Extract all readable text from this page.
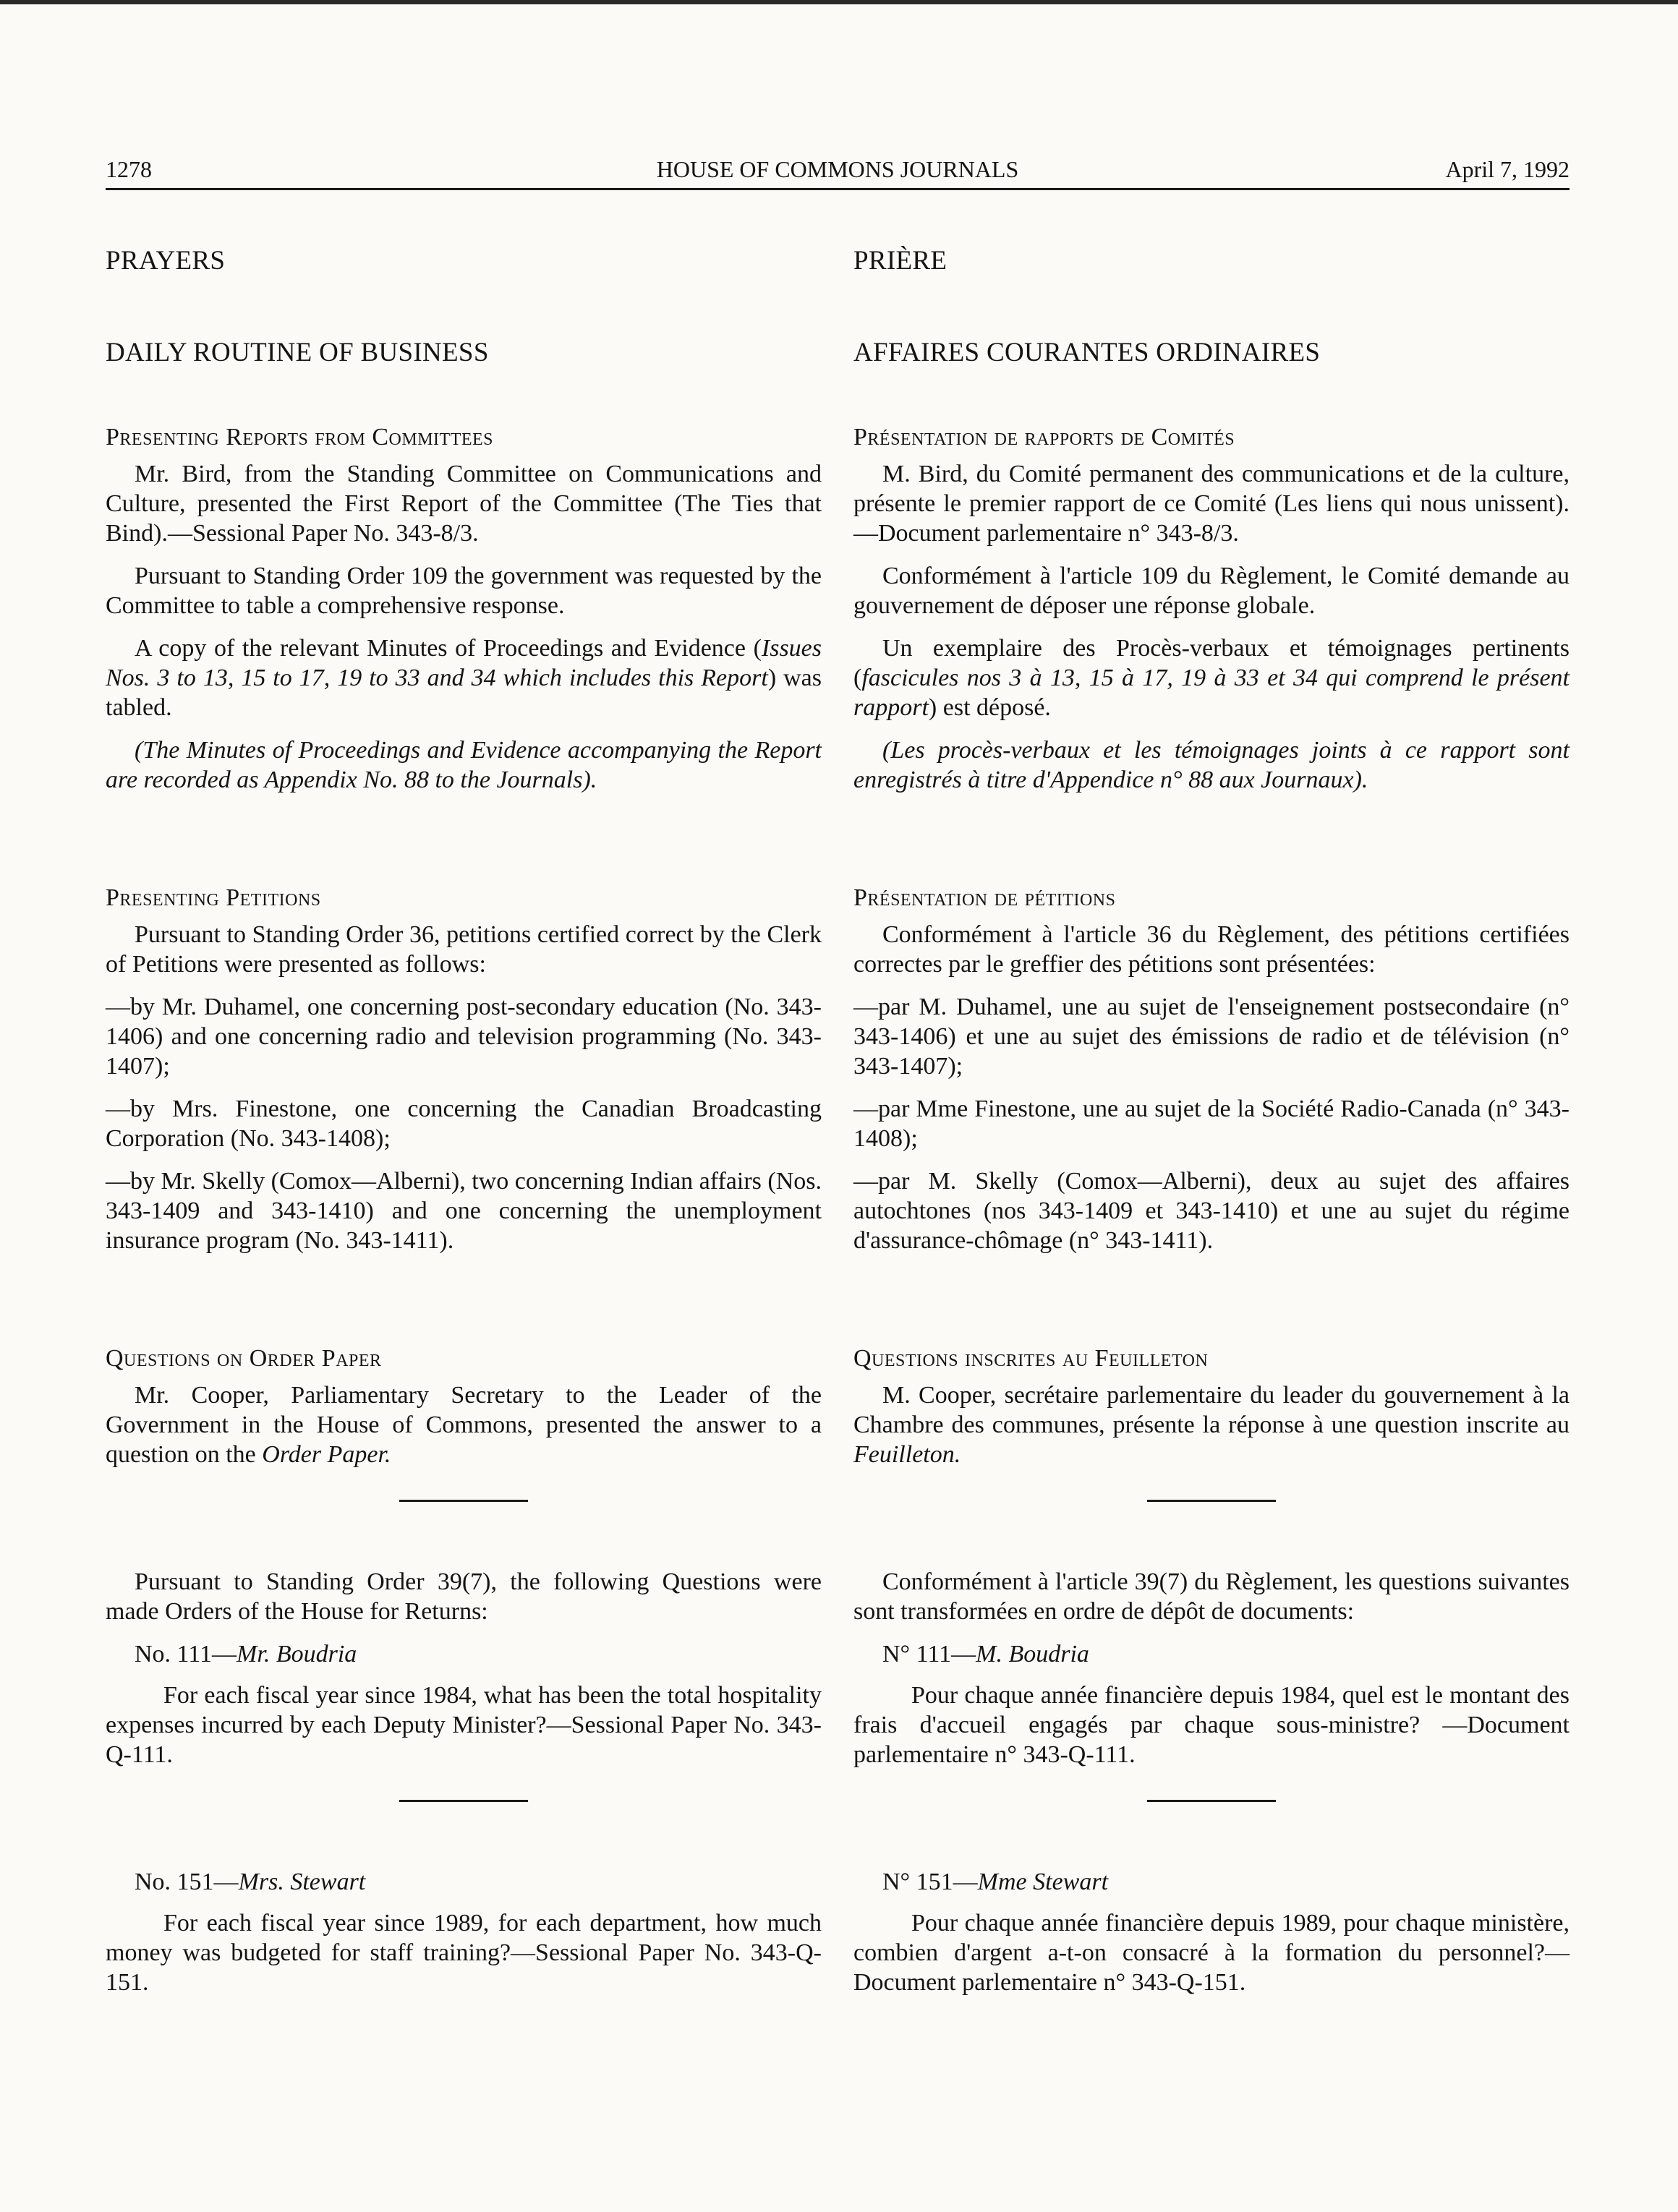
1278	HOUSE OF COMMONS JOURNALS	April 7, 1992
PRAYERS
DAILY ROUTINE OF BUSINESS
Presenting Reports from Committees

Mr. Bird, from the Standing Committee on Communications and Culture, presented the First Report of the Committee (The Ties that Bind).—Sessional Paper No. 343-8/3.

Pursuant to Standing Order 109 the government was requested by the Committee to table a comprehensive response.

A copy of the relevant Minutes of Proceedings and Evidence (Issues Nos. 3 to 13, 15 to 17, 19 to 33 and 34 which includes this Report) was tabled.

(The Minutes of Proceedings and Evidence accompanying the Report are recorded as Appendix No. 88 to the Journals).

Presenting Petitions

Pursuant to Standing Order 36, petitions certified correct by the Clerk of Petitions were presented as follows:

—by Mr. Duhamel, one concerning post-secondary education (No. 343-1406) and one concerning radio and television programming (No. 343-1407);

—by Mrs. Finestone, one concerning the Canadian Broadcasting Corporation (No. 343-1408);

—by Mr. Skelly (Comox—Alberni), two concerning Indian affairs (Nos. 343-1409 and 343-1410) and one concerning the unemployment insurance program (No. 343-1411).

Questions on Order Paper

Mr. Cooper, Parliamentary Secretary to the Leader of the Government in the House of Commons, presented the answer to a question on the Order Paper.

Pursuant to Standing Order 39(7), the following Questions were made Orders of the House for Returns:

No. 111—Mr. Boudria

For each fiscal year since 1984, what has been the total hospitality expenses incurred by each Deputy Minister?—Sessional Paper No. 343-Q-111.

No. 151—Mrs. Stewart

For each fiscal year since 1989, for each department, how much money was budgeted for staff training?—Sessional Paper No. 343-Q-151.

PRIÈRE
AFFAIRES COURANTES ORDINAIRES
Présentation de rapports de Comités

M. Bird, du Comité permanent des communications et de la culture, présente le premier rapport de ce Comité (Les liens qui nous unissent).—Document parlementaire n° 343-8/3.

Conformément à l'article 109 du Règlement, le Comité demande au gouvernement de déposer une réponse globale.

Un exemplaire des Procès-verbaux et témoignages pertinents (fascicules nos 3 à 13, 15 à 17, 19 à 33 et 34 qui comprend le présent rapport) est déposé.

(Les procès-verbaux et les témoignages joints à ce rapport sont enregistrés à titre d'Appendice n° 88 aux Journaux).

Présentation de pétitions

Conformément à l'article 36 du Règlement, des pétitions certifiées correctes par le greffier des pétitions sont présentées:

—par M. Duhamel, une au sujet de l'enseignement postsecondaire (n° 343-1406) et une au sujet des émissions de radio et de télévision (n° 343-1407);

—par Mme Finestone, une au sujet de la Société Radio-Canada (n° 343-1408);

—par M. Skelly (Comox—Alberni), deux au sujet des affaires autochtones (nos 343-1409 et 343-1410) et une au sujet du régime d'assurance-chômage (n° 343-1411).

Questions inscrites au Feuilleton

M. Cooper, secrétaire parlementaire du leader du gouvernement à la Chambre des communes, présente la réponse à une question inscrite au Feuilleton.

Conformément à l'article 39(7) du Règlement, les questions suivantes sont transformées en ordre de dépôt de documents:

N° 111—M. Boudria

Pour chaque année financière depuis 1984, quel est le montant des frais d'accueil engagés par chaque sous-ministre? —Document parlementaire n° 343-Q-111.

N° 151—Mme Stewart

Pour chaque année financière depuis 1989, pour chaque ministère, combien d'argent a-t-on consacré à la formation du personnel?—Document parlementaire n° 343-Q-151.
